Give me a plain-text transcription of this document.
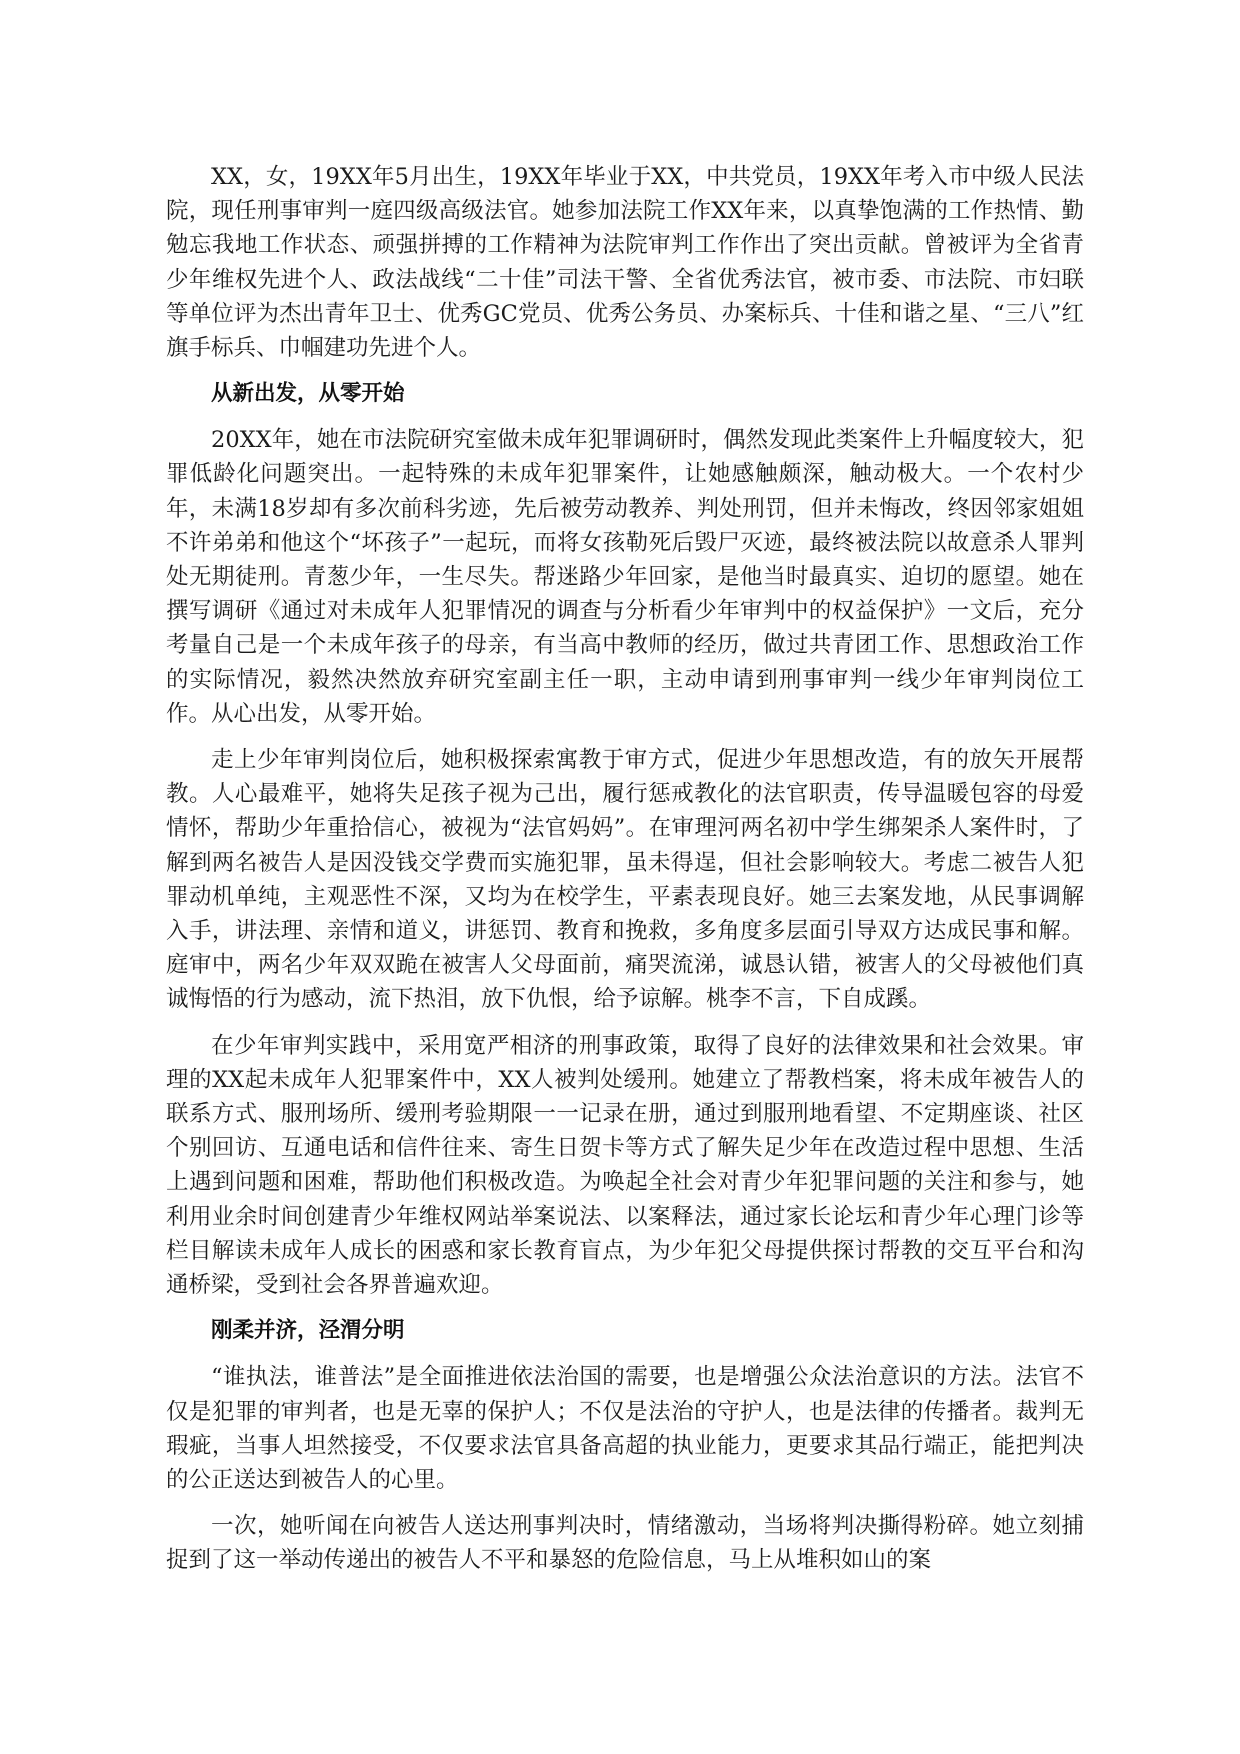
XX，女，19XX年5月出生，19XX年毕业于XX，中共党员，19XX年考入市中级人民法院，现任刑事审判一庭四级高级法官。她参加法院工作XX年来，以真挚饱满的工作热情、勤勉忘我地工作状态、顽强拼搏的工作精神为法院审判工作作出了突出贡献。曾被评为全省青少年维权先进个人、政法战线“二十佳”司法干警、全省优秀法官，被市委、市法院、市妇联等单位评为杰出青年卫士、优秀GC党员、优秀公务员、办案标兵、十佳和谐之星、“三八”红旗手标兵、巾帼建功先进个人。

从新出发，从零开始

20XX年，她在市法院研究室做未成年犯罪调研时，偶然发现此类案件上升幅度较大，犯罪低龄化问题突出。一起特殊的未成年犯罪案件，让她感触颇深，触动极大。一个农村少年，未满18岁却有多次前科劣迹，先后被劳动教养、判处刑罚，但并未悔改，终因邻家姐姐不许弟弟和他这个“坏孩子”一起玩，而将女孩勒死后毁尸灭迹，最终被法院以故意杀人罪判处无期徒刑。青葱少年，一生尽失。帮迷路少年回家，是他当时最真实、迫切的愿望。她在撰写调研《通过对未成年人犯罪情况的调查与分析看少年审判中的权益保护》一文后，充分考量自己是一个未成年孩子的母亲，有当高中教师的经历，做过共青团工作、思想政治工作的实际情况，毅然决然放弃研究室副主任一职，主动申请到刑事审判一线少年审判岗位工作。从心出发，从零开始。

走上少年审判岗位后，她积极探索寓教于审方式，促进少年思想改造，有的放矢开展帮教。人心最难平，她将失足孩子视为己出，履行惩戒教化的法官职责，传导温暖包容的母爱情怀，帮助少年重拾信心，被视为“法官妈妈”。在审理河两名初中学生绑架杀人案件时，了解到两名被告人是因没钱交学费而实施犯罪，虽未得逞，但社会影响较大。考虑二被告人犯罪动机单纯，主观恶性不深，又均为在校学生，平素表现良好。她三去案发地，从民事调解入手，讲法理、亲情和道义，讲惩罚、教育和挽救，多角度多层面引导双方达成民事和解。庭审中，两名少年双双跪在被害人父母面前，痛哭流涕，诚恳认错，被害人的父母被他们真诚悔悟的行为感动，流下热泪，放下仇恨，给予谅解。桃李不言，下自成蹊。

在少年审判实践中，采用宽严相济的刑事政策，取得了良好的法律效果和社会效果。审理的XX起未成年人犯罪案件中，XX人被判处缓刑。她建立了帮教档案，将未成年被告人的联系方式、服刑场所、缓刑考验期限一一记录在册，通过到服刑地看望、不定期座谈、社区个别回访、互通电话和信件往来、寄生日贺卡等方式了解失足少年在改造过程中思想、生活上遇到问题和困难，帮助他们积极改造。为唤起全社会对青少年犯罪问题的关注和参与，她利用业余时间创建青少年维权网站举案说法、以案释法，通过家长论坛和青少年心理门诊等栏目解读未成年人成长的困惑和家长教育盲点，为少年犯父母提供探讨帮教的交互平台和沟通桥梁，受到社会各界普遍欢迎。

刚柔并济，泾渭分明

“谁执法，谁普法”是全面推进依法治国的需要，也是增强公众法治意识的方法。法官不仅是犯罪的审判者，也是无辜的保护人；不仅是法治的守护人，也是法律的传播者。裁判无瑕疵，当事人坦然接受，不仅要求法官具备高超的执业能力，更要求其品行端正，能把判决的公正送达到被告人的心里。

一次，她听闻在向被告人送达刑事判决时，情绪激动，当场将判决撕得粉碎。她立刻捕捉到了这一举动传递出的被告人不平和暴怒的危险信息，马上从堆积如山的案
